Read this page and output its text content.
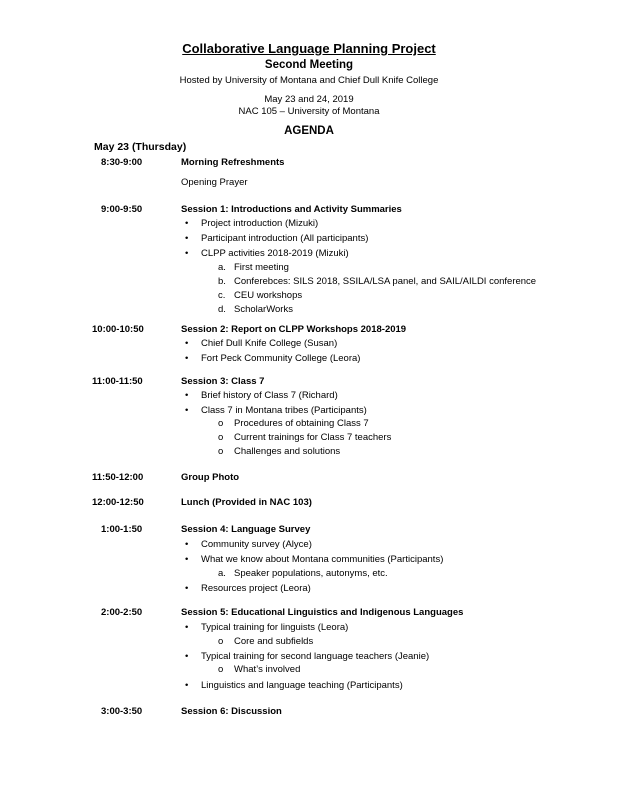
Collaborative Language Planning Project
Second Meeting
Hosted by University of Montana and Chief Dull Knife College
May 23 and 24, 2019
NAC 105 – University of Montana
AGENDA
May 23 (Thursday)
8:30-9:00	Morning Refreshments
Opening Prayer
9:00-9:50	Session 1: Introductions and Activity Summaries
• Project introduction (Mizuki)
• Participant introduction (All participants)
• CLPP activities 2018-2019 (Mizuki)
a. First meeting
b. Conferebces: SILS 2018, SSILA/LSA panel, and SAIL/AILDI conference
c. CEU workshops
d. ScholarWorks
10:00-10:50	Session 2: Report on CLPP Workshops 2018-2019
• Chief Dull Knife College (Susan)
• Fort Peck Community College (Leora)
11:00-11:50	Session 3: Class 7
• Brief history of Class 7 (Richard)
• Class 7 in Montana tribes (Participants)
o Procedures of obtaining Class 7
o Current trainings for Class 7 teachers
o Challenges and solutions
11:50-12:00	Group Photo
12:00-12:50	Lunch (Provided in NAC 103)
1:00-1:50	Session 4: Language Survey
• Community survey (Alyce)
• What we know about Montana communities (Participants)
a. Speaker populations, autonyms, etc.
• Resources project (Leora)
2:00-2:50	Session 5: Educational Linguistics and Indigenous Languages
• Typical training for linguists (Leora)
o Core and subfields
• Typical training for second language teachers (Jeanie)
o What’s involved
• Linguistics and language teaching (Participants)
3:00-3:50	Session 6: Discussion
